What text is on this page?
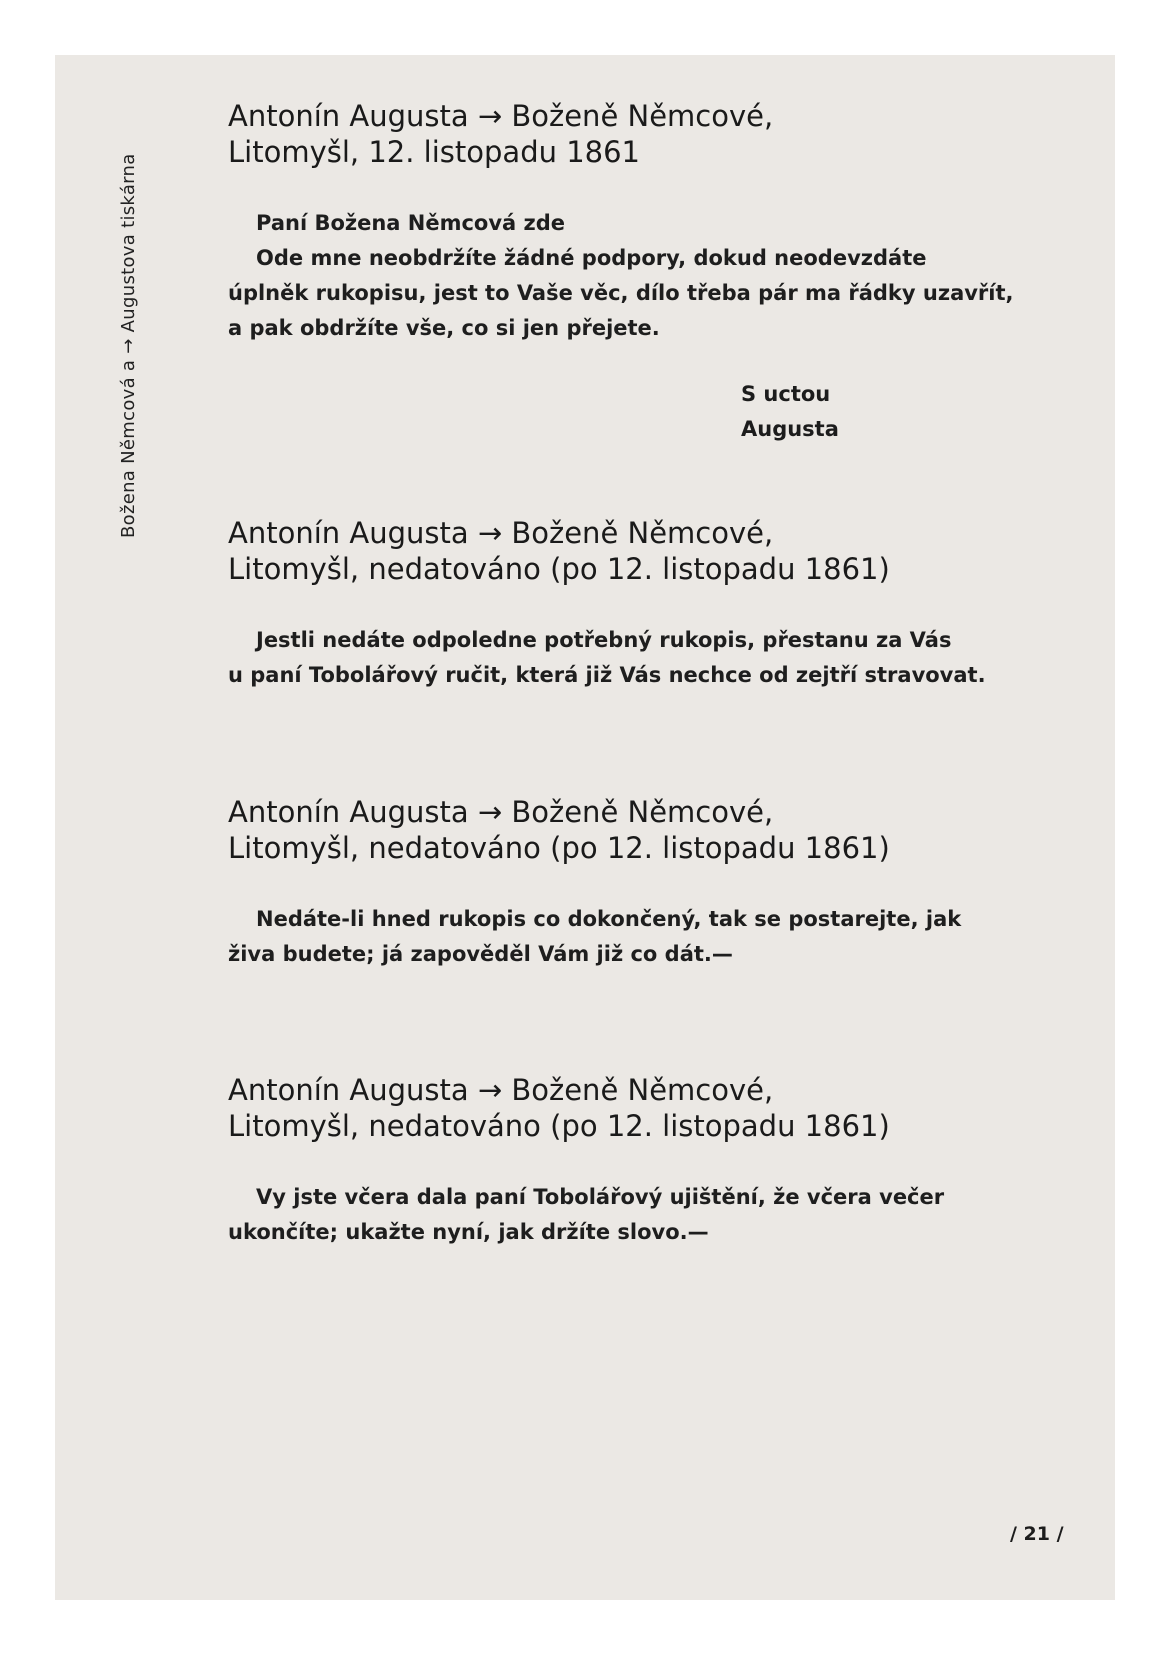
Božena Němcová a → Augustova tiskárna
Antonín Augusta → Boženě Němcové,
Litomyšl, 12. listopadu 1861
Paní Božena Němcová zde
Ode mne neobdržíte žádné podpory, dokud neodevzdáte
úplněk rukopisu, jest to Vaše věc, dílo třeba pár ma řádky uzavřít,
a pak obdržíte vše, co si jen přejete.
S uctou
Augusta
Antonín Augusta → Boženě Němcové,
Litomyšl, nedatováno (po 12. listopadu 1861)
Jestli nedáte odpoledne potřebný rukopis, přestanu za Vás
u paní Tobolářový ručit, která již Vás nechce od zejtří stravovat.
Antonín Augusta → Boženě Němcové,
Litomyšl, nedatováno (po 12. listopadu 1861)
Nedáte-li hned rukopis co dokončený, tak se postarejte, jak
živa budete; já zapověděl Vám již co dát.—
Antonín Augusta → Boženě Němcové,
Litomyšl, nedatováno (po 12. listopadu 1861)
Vy jste včera dala paní Tobolářový ujištění, že včera večer
ukončíte; ukažte nyní, jak držíte slovo.—
/ 21 /
